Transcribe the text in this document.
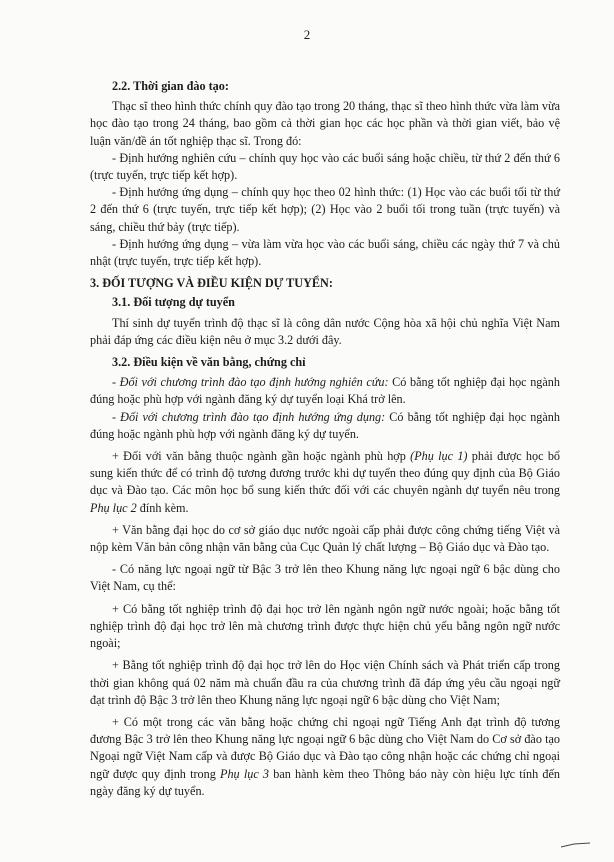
2

2.2. Thời gian đào tạo:

Thạc sĩ theo hình thức chính quy đào tạo trong 20 tháng, thạc sĩ theo hình thức vừa làm vừa học đào tạo trong 24 tháng, bao gồm cả thời gian học các học phần và thời gian viết, bảo vệ luận văn/đề án tốt nghiệp thạc sĩ. Trong đó:

- Định hướng nghiên cứu – chính quy học vào các buổi sáng hoặc chiều, từ thứ 2 đến thứ 6 (trực tuyến, trực tiếp kết hợp).

- Định hướng ứng dụng – chính quy học theo 02 hình thức: (1) Học vào các buổi tối từ thứ 2 đến thứ 6 (trực tuyến, trực tiếp kết hợp); (2) Học vào 2 buổi tối trong tuần (trực tuyến) và sáng, chiều thứ bảy (trực tiếp).

- Định hướng ứng dụng – vừa làm vừa học vào các buổi sáng, chiều các ngày thứ 7 và chủ nhật (trực tuyến, trực tiếp kết hợp).

3. ĐỐI TƯỢNG VÀ ĐIỀU KIỆN DỰ TUYỂN:

3.1. Đối tượng dự tuyển

Thí sinh dự tuyển trình độ thạc sĩ là công dân nước Cộng hòa xã hội chủ nghĩa Việt Nam phải đáp ứng các điều kiện nêu ở mục 3.2 dưới đây.

3.2. Điều kiện về văn bằng, chứng chỉ

- Đối với chương trình đào tạo định hướng nghiên cứu: Có bằng tốt nghiệp đại học ngành đúng hoặc phù hợp với ngành đăng ký dự tuyển loại Khá trở lên.

- Đối với chương trình đào tạo định hướng ứng dụng: Có bằng tốt nghiệp đại học ngành đúng hoặc ngành phù hợp với ngành đăng ký dự tuyển.

+ Đối với văn bằng thuộc ngành gần hoặc ngành phù hợp (Phụ lục 1) phải được học bổ sung kiến thức để có trình độ tương đương trước khi dự tuyển theo đúng quy định của Bộ Giáo dục và Đào tạo. Các môn học bổ sung kiến thức đối với các chuyên ngành dự tuyển nêu trong Phụ lục 2 đính kèm.

+ Văn bằng đại học do cơ sở giáo dục nước ngoài cấp phải được công chứng tiếng Việt và nộp kèm Văn bản công nhận văn bằng của Cục Quản lý chất lượng – Bộ Giáo dục và Đào tạo.

- Có năng lực ngoại ngữ từ Bậc 3 trở lên theo Khung năng lực ngoại ngữ 6 bậc dùng cho Việt Nam, cụ thể:

+ Có bằng tốt nghiệp trình độ đại học trở lên ngành ngôn ngữ nước ngoài; hoặc bằng tốt nghiệp trình độ đại học trở lên mà chương trình được thực hiện chủ yếu bằng ngôn ngữ nước ngoài;

+ Bằng tốt nghiệp trình độ đại học trở lên do Học viện Chính sách và Phát triển cấp trong thời gian không quá 02 năm mà chuẩn đầu ra của chương trình đã đáp ứng yêu cầu ngoại ngữ đạt trình độ Bậc 3 trở lên theo Khung năng lực ngoại ngữ 6 bậc dùng cho Việt Nam;

+ Có một trong các văn bằng hoặc chứng chỉ ngoại ngữ Tiếng Anh đạt trình độ tương đương Bậc 3 trở lên theo Khung năng lực ngoại ngữ 6 bậc dùng cho Việt Nam do Cơ sở đào tạo Ngoại ngữ Việt Nam cấp và được Bộ Giáo dục và Đào tạo công nhận hoặc các chứng chỉ ngoại ngữ được quy định trong Phụ lục 3 ban hành kèm theo Thông báo này còn hiệu lực tính đến ngày đăng ký dự tuyển.
